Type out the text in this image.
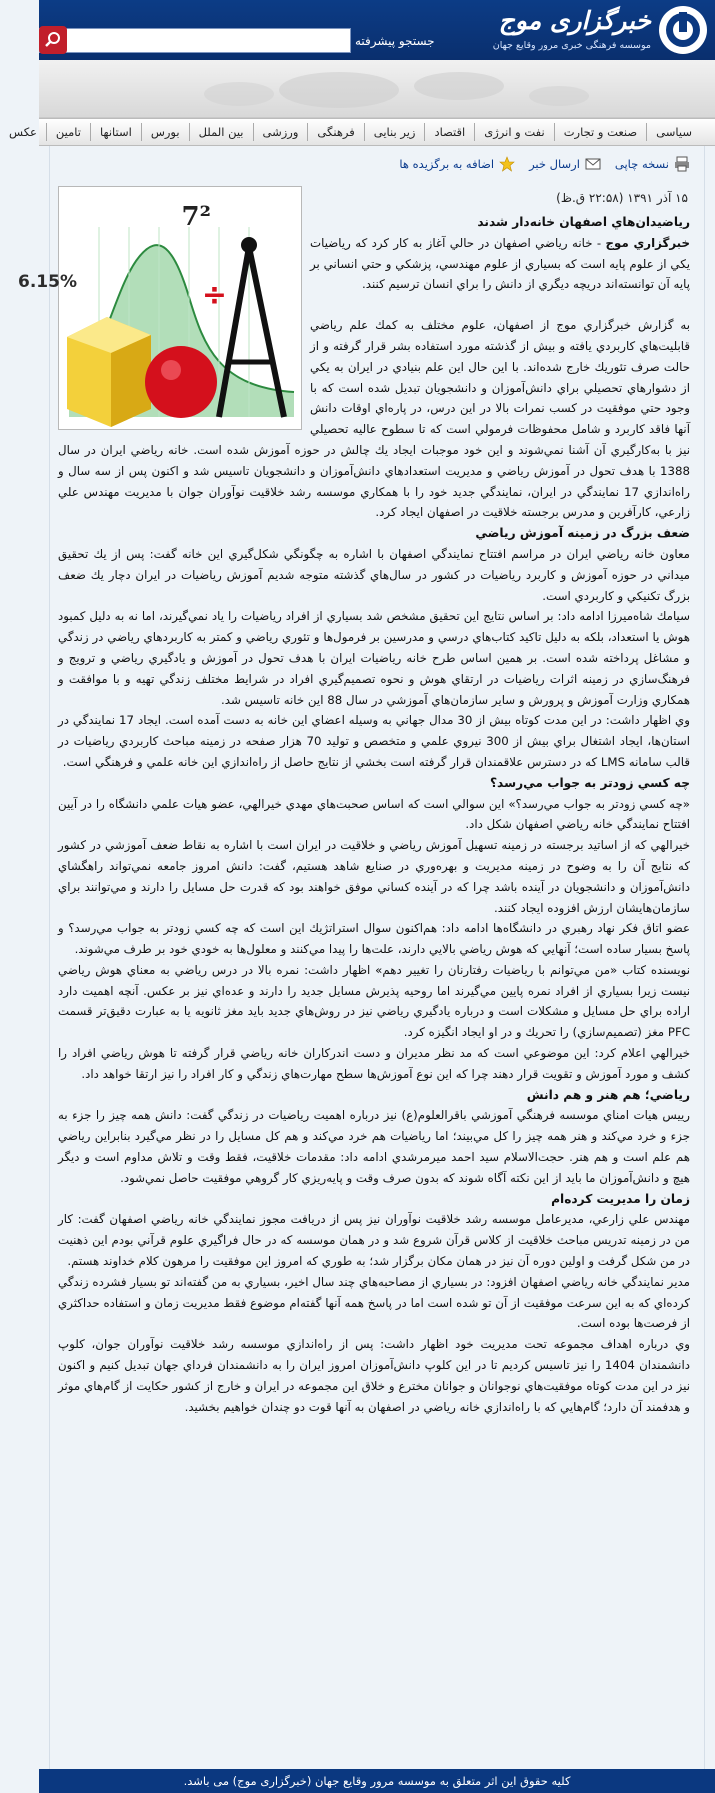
خبرگزاری موج
موسسه فرهنگی خبری مرور وقایع جهان
جستجو پیشرفته
سیاسی
صنعت و تجارت
نفت و انرژی
اقتصاد
زیر بنایی
فرهنگی
ورزشی
بین الملل
بورس
استانها
تامین
عکس
نسخه چاپی
ارسال خبر
اضافه به برگزیده ها
۱۵ آذر ۱۳۹۱ (۲۲:۵۸ ق.ظ)
6.15%
7²
÷

رياضيدان‌هاي اصفهان خانه‌دار شدند

خبرگزاري موج - خانه رياضي اصفهان در حالي آغاز به كار كرد كه رياضيات يكي از علوم پايه است كه بسياري از علوم مهندسي، پزشكي و حتي انساني بر پايه آن توانسته‌اند دريچه ديگري از دانش را براي انسان ترسيم كنند.

به گزارش خبرگزاري موج از اصفهان، علوم مختلف به كمك علم رياضي قابليت‌هاي كاربردي يافته و بيش از گذشته مورد استفاده بشر قرار گرفته و از حالت صرف تئوريك خارج شده‌اند. با اين حال اين علم بنيادي در ايران به يكي از دشوارهاي تحصيلي براي دانش‌آموزان و دانشجويان تبديل شده است كه با وجود حتي موفقيت در كسب نمرات بالا در اين درس، در پاره‌اي اوقات دانش آنها فاقد كاربرد و شامل محفوظات فرمولي است كه تا سطوح عاليه تحصيلي نيز با به‌كارگيري آن آشنا نمي‌شوند و اين خود موجبات ايجاد يك چالش در حوزه آموزش شده است. خانه رياضي ايران در سال 1388 با هدف تحول در آموزش رياضي و مديريت استعدادهاي دانش‌آموزان و دانشجويان تاسيس شد و اكنون پس از سه سال و راه‌اندازي 17 نمايندگي در ايران، نمايندگي جديد خود را با همكاري موسسه رشد خلاقيت نوآوران جوان با مديريت مهندس علي زارعي، كارآفرين و مدرس برجسته خلاقيت در اصفهان ايجاد كرد.

ضعف بزرگ در زمينه آموزش رياضي

معاون خانه رياضي ايران در مراسم افتتاح نمايندگي اصفهان با اشاره به چگونگي شكل‌گيري اين خانه گفت: پس از يك تحقيق ميداني در حوزه آموزش و كاربرد رياضيات در كشور در سال‌هاي گذشته متوجه شديم آموزش رياضيات در ايران دچار يك ضعف بزرگ تكنيكي و كاربردي است.

سيامك شاه‌ميرزا ادامه داد: بر اساس نتايج اين تحقيق مشخص شد بسياري از افراد رياضيات را ياد نمي‌گيرند، اما نه به دليل كمبود هوش يا استعداد، بلكه به دليل تاكيد كتاب‌هاي درسي و مدرسين بر فرمول‌ها و تئوري رياضي و كمتر به كاربردهاي رياضي در زندگي و مشاغل پرداخته شده است. بر همين اساس طرح خانه رياضيات ايران با هدف تحول در آموزش و يادگيري رياضي و ترويج و فرهنگ‌سازي در زمينه اثرات رياضيات در ارتقاي هوش و نحوه تصميم‌گيري افراد در شرايط مختلف زندگي تهيه و با موافقت و همكاري وزارت آموزش و پرورش و ساير سازمان‌هاي آموزشي در سال 88 اين خانه تاسيس شد.

وي اظهار داشت: در اين مدت كوتاه بيش از 30 مدال جهاني به وسيله اعضاي اين خانه به دست آمده است. ايجاد 17 نمايندگي در استان‌ها، ايجاد اشتغال براي بيش از 300 نيروي علمي و متخصص و توليد 70 هزار صفحه در زمينه مباحث كاربردي رياضيات در قالب سامانه LMS كه در دسترس علاقمندان قرار گرفته است بخشي از نتايج حاصل از راه‌اندازي اين خانه علمي و فرهنگي است.

چه كسي زودتر به جواب مي‌رسد؟

«چه كسي زودتر به جواب مي‌رسد؟» اين سوالي است كه اساس صحبت‌هاي مهدي خيرالهي، عضو هيات علمي دانشگاه را در آيين افتتاح نمايندگي خانه رياضي اصفهان شكل داد.

خيرالهي كه از اساتيد برجسته در زمينه تسهيل آموزش رياضي و خلاقيت در ايران است با اشاره به نقاط ضعف آموزشي در كشور كه نتايج آن را به وضوح در زمينه مديريت و بهره‌وري در صنايع شاهد هستيم، گفت: دانش امروز جامعه نمي‌تواند راهگشاي دانش‌آموزان و دانشجويان در آينده باشد چرا كه در آينده كساني موفق خواهند بود كه قدرت حل مسايل را دارند و مي‌توانند براي سازمان‌هايشان ارزش افزوده ايجاد كنند.

عضو اتاق فكر نهاد رهبري در دانشگاه‌ها ادامه داد: هم‌اكنون سوال استراتژيك اين است كه چه كسي زودتر به جواب مي‌رسد؟ و پاسخ بسيار ساده است؛ آنهايي كه هوش رياضي بالايي دارند، علت‌ها را پيدا مي‌كنند و معلول‌ها به خودي خود بر طرف مي‌شوند.

نويسنده كتاب «من مي‌توانم با رياضيات رفتارنان را تغيير دهم» اظهار داشت: نمره بالا در درس رياضي به معناي هوش رياضي نيست زيرا بسياري از افراد نمره پايين مي‌گيرند اما روحيه پذيرش مسايل جديد را دارند و عده‌اي نيز بر عكس. آنچه اهميت دارد اراده براي حل مسايل و مشكلات است و درباره يادگيري رياضي نيز در روش‌هاي جديد بايد مغز ثانويه يا به عبارت دقيق‌تر قسمت PFC مغز (تصميم‌سازي) را تحريك و در او ايجاد انگيزه كرد.

خيرالهي اعلام كرد: اين موضوعي است كه مد نظر مديران و دست اندركاران خانه رياضي قرار گرفته تا هوش رياضي افراد را كشف و مورد آموزش و تقويت قرار دهند چرا كه اين نوع آموزش‌ها سطح مهارت‌هاي زندگي و كار افراد را نيز ارتقا خواهد داد.

رياضي؛ هم هنر و هم دانش

رييس هيات امناي موسسه فرهنگي آموزشي باقرالعلوم(ع) نيز درباره اهميت رياضيات در زندگي گفت: دانش همه چيز را جزء به جزء و خرد مي‌كند و هنر همه چيز را كل مي‌بيند؛ اما رياضيات هم خرد مي‌كند و هم كل مسايل را در نظر مي‌گيرد بنابراين رياضي هم علم است و هم هنر. حجت‌الاسلام سيد احمد ميرمرشدي ادامه داد: مقدمات خلاقيت، فقط وقت و تلاش مداوم است و ديگر هيچ و دانش‌آموزان ما بايد از اين نكته آگاه شوند كه بدون صرف وقت و پايه‌ريزي كار گروهي موفقيت حاصل نمي‌شود.

زمان را مديريت كرده‌ام

مهندس علي زارعي، مديرعامل موسسه رشد خلاقيت نوآوران نيز پس از دريافت مجوز نمايندگي خانه رياضي اصفهان گفت: كار من در زمينه تدريس مباحث خلاقيت از كلاس قرآن شروع شد و در همان موسسه كه در حال فراگيري علوم قرآني بودم اين ذهنيت در من شكل گرفت و اولين دوره آن نيز در همان مكان برگزار شد؛ به طوري كه امروز اين موفقيت را مرهون كلام خداوند هستم.

مدير نمايندگي خانه رياضي اصفهان افزود: در بسياري از مصاحبه‌هاي چند سال اخير، بسياري به من گفته‌اند تو بسيار فشرده زندگي كرده‌اي كه به اين سرعت موفقيت از آن تو شده است اما در پاسخ همه آنها گفته‌ام موضوع فقط مديريت زمان و استفاده حداكثري از فرصت‌ها بوده است.

وي درباره اهداف مجموعه تحت مديريت خود اظهار داشت: پس از راه‌اندازي موسسه رشد خلاقيت نوآوران جوان، كلوپ دانشمندان 1404 را نيز تاسيس كرديم تا در اين كلوپ دانش‌آموزان امروز ايران را به دانشمندان فرداي جهان تبديل كنيم و اكنون نيز در اين مدت كوتاه موفقيت‌هاي نوجوانان و جوانان مخترع و خلاق اين مجموعه در ايران و خارج از كشور حكايت از گام‌هاي موثر و هدفمند آن دارد؛ گام‌هايي كه با راه‌اندازي خانه رياضي در اصفهان به آنها قوت دو چندان خواهيم بخشيد.

کلیه حقوق این اثر متعلق به موسسه مرور وقایع جهان (خبرگزاری موج) می باشد.
